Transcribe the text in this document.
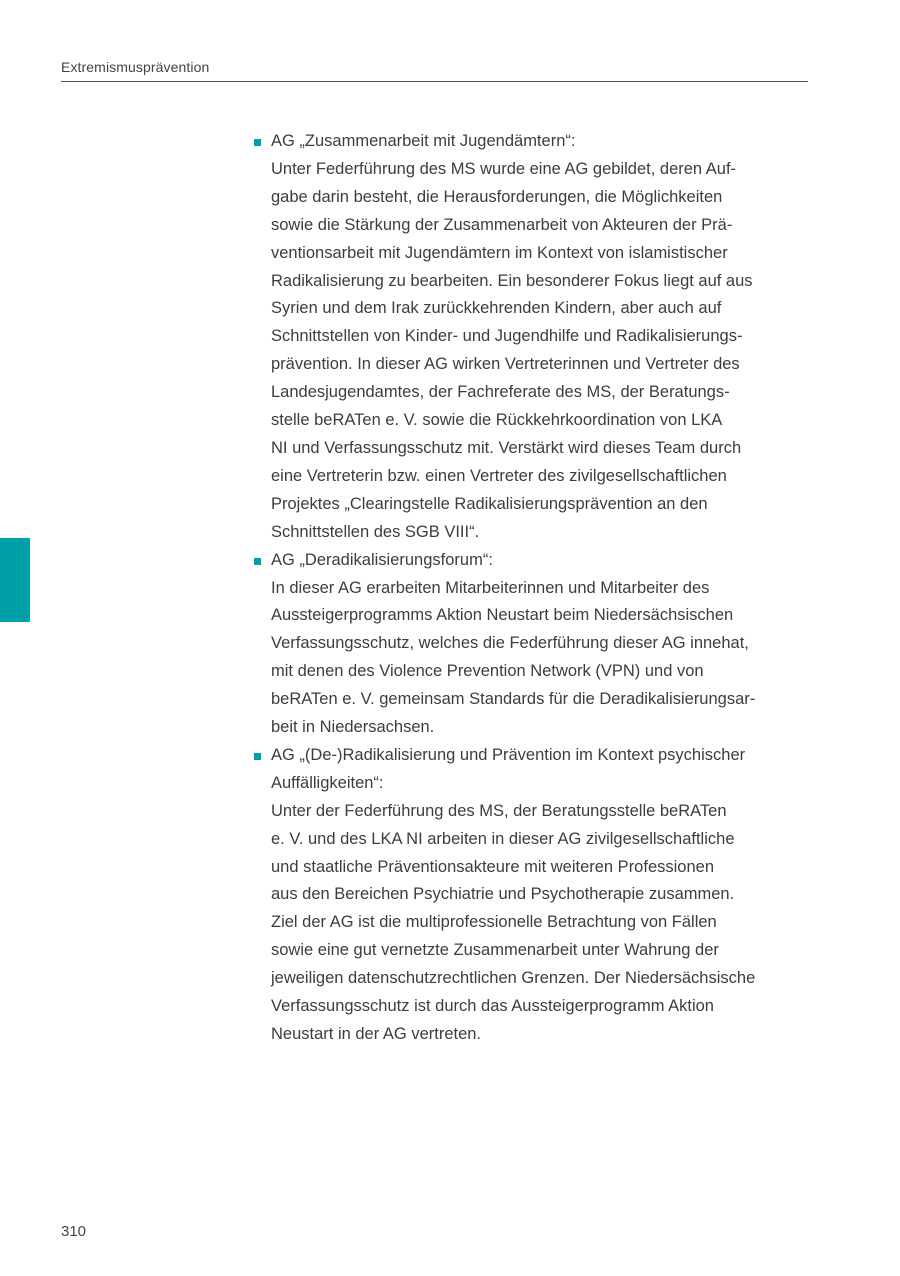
Extremismusprävention
AG „Zusammenarbeit mit Jugendämtern“:
Unter Federführung des MS wurde eine AG gebildet, deren Auf-
gabe darin besteht, die Herausforderungen, die Möglichkeiten
sowie die Stärkung der Zusammenarbeit von Akteuren der Prä-
ventionsarbeit mit Jugendämtern im Kontext von islamistischer
Radikalisierung zu bearbeiten. Ein besonderer Fokus liegt auf aus
Syrien und dem Irak zurückkehrenden Kindern, aber auch auf
Schnittstellen von Kinder- und Jugendhilfe und Radikalisierungs-
prävention. In dieser AG wirken Vertreterinnen und Vertreter des
Landesjugendamtes, der Fachreferate des MS, der Beratungs-
stelle beRATen e. V. sowie die Rückkehrkoordination von LKA
NI und Verfassungsschutz mit. Verstärkt wird dieses Team durch
eine Vertreterin bzw. einen Vertreter des zivilgesellschaftlichen
Projektes „Clearingstelle Radikalisierungsprävention an den
Schnittstellen des SGB VIII“.
AG „Deradikalisierungsforum“:
In dieser AG erarbeiten Mitarbeiterinnen und Mitarbeiter des
Aussteigerprogramms Aktion Neustart beim Niedersächsischen
Verfassungsschutz, welches die Federführung dieser AG innehat,
mit denen des Violence Prevention Network (VPN) und von
beRATen e. V. gemeinsam Standards für die Deradikalisierungsar-
beit in Niedersachsen.
AG „(De-)Radikalisierung und Prävention im Kontext psychischer Auffälligkeiten“:
Unter der Federführung des MS, der Beratungsstelle beRATen
e. V. und des LKA NI arbeiten in dieser AG zivilgesellschaftliche
und staatliche Präventionsakteure mit weiteren Professionen
aus den Bereichen Psychiatrie und Psychotherapie zusammen.
Ziel der AG ist die multiprofessionelle Betrachtung von Fällen
sowie eine gut vernetzte Zusammenarbeit unter Wahrung der
jeweiligen datenschutzrechtlichen Grenzen. Der Niedersächsische
Verfassungsschutz ist durch das Aussteigerprogramm Aktion
Neustart in der AG vertreten.
310
